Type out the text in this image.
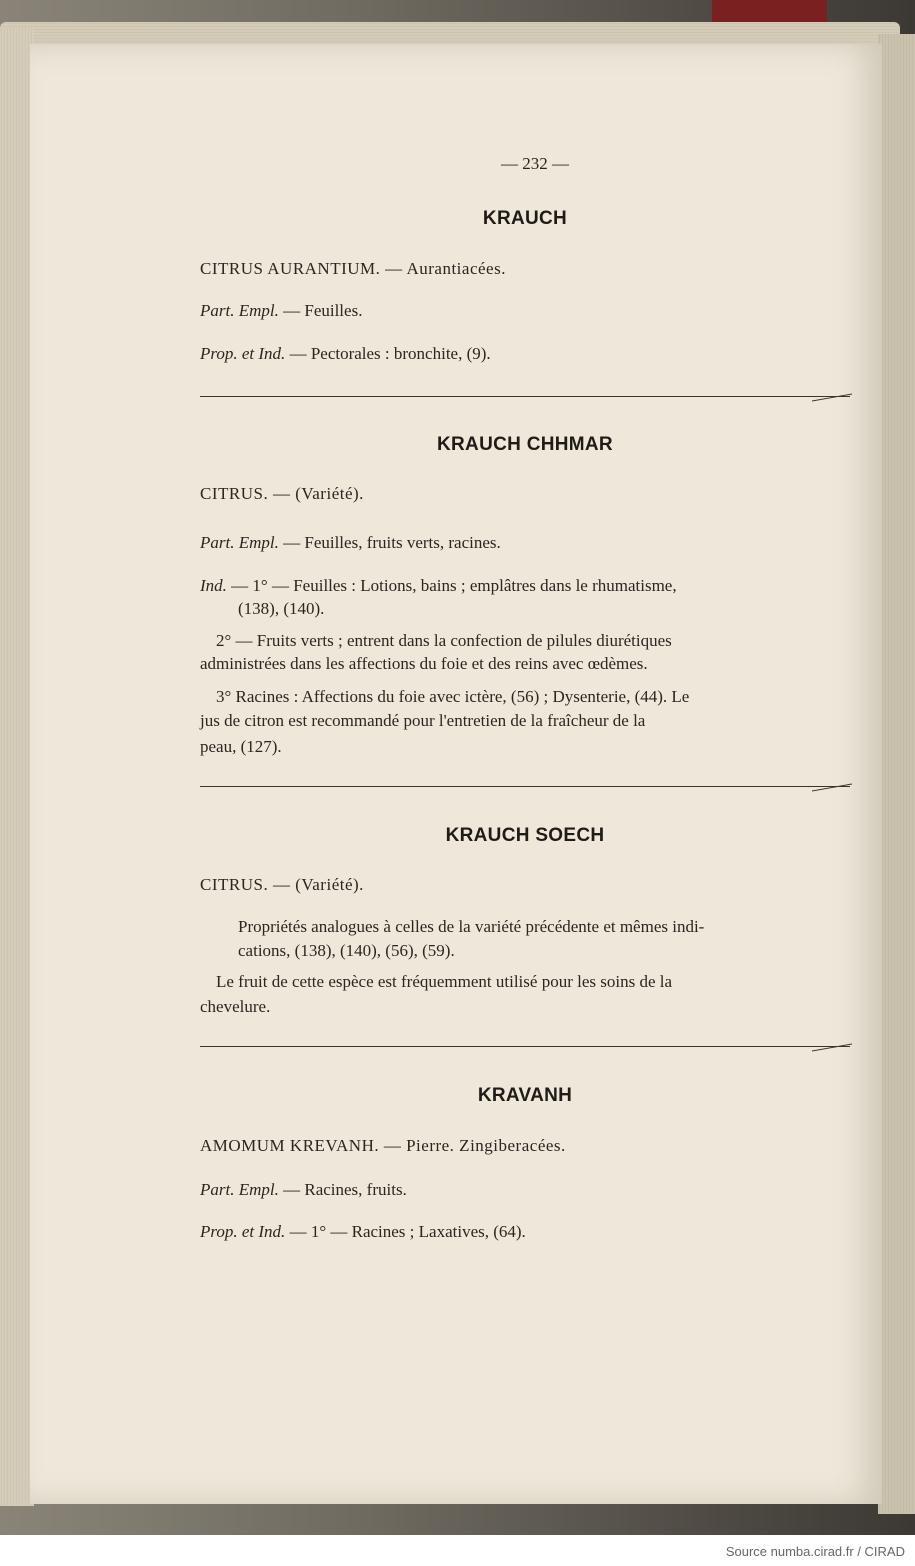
— 232 —
KRAUCH
CITRUS AURANTIUM. — Aurantiacées.
Part. Empl. — Feuilles.
Prop. et Ind. — Pectorales : bronchite, (9).
KRAUCH CHHMAR
CITRUS. — (Variété).
Part. Empl. — Feuilles, fruits verts, racines.
Ind. — 1° — Feuilles : Lotions, bains ; emplâtres dans le rhumatisme,
(138), (140).
2° — Fruits verts ; entrent dans la confection de pilules diurétiques
administrées dans les affections du foie et des reins avec œdèmes.
3° Racines : Affections du foie avec ictère, (56) ; Dysenterie, (44). Le
jus de citron est recommandé pour l'entretien de la fraîcheur de la
peau, (127).
KRAUCH SOECH
CITRUS. — (Variété).
Propriétés analogues à celles de la variété précédente et mêmes indi-
cations, (138), (140), (56), (59).
Le fruit de cette espèce est fréquemment utilisé pour les soins de la
chevelure.
KRAVANH
AMOMUM KREVANH. — Pierre. Zingiberacées.
Part. Empl. — Racines, fruits.
Prop. et Ind. — 1° — Racines ; Laxatives, (64).
Source numba.cirad.fr / CIRAD
